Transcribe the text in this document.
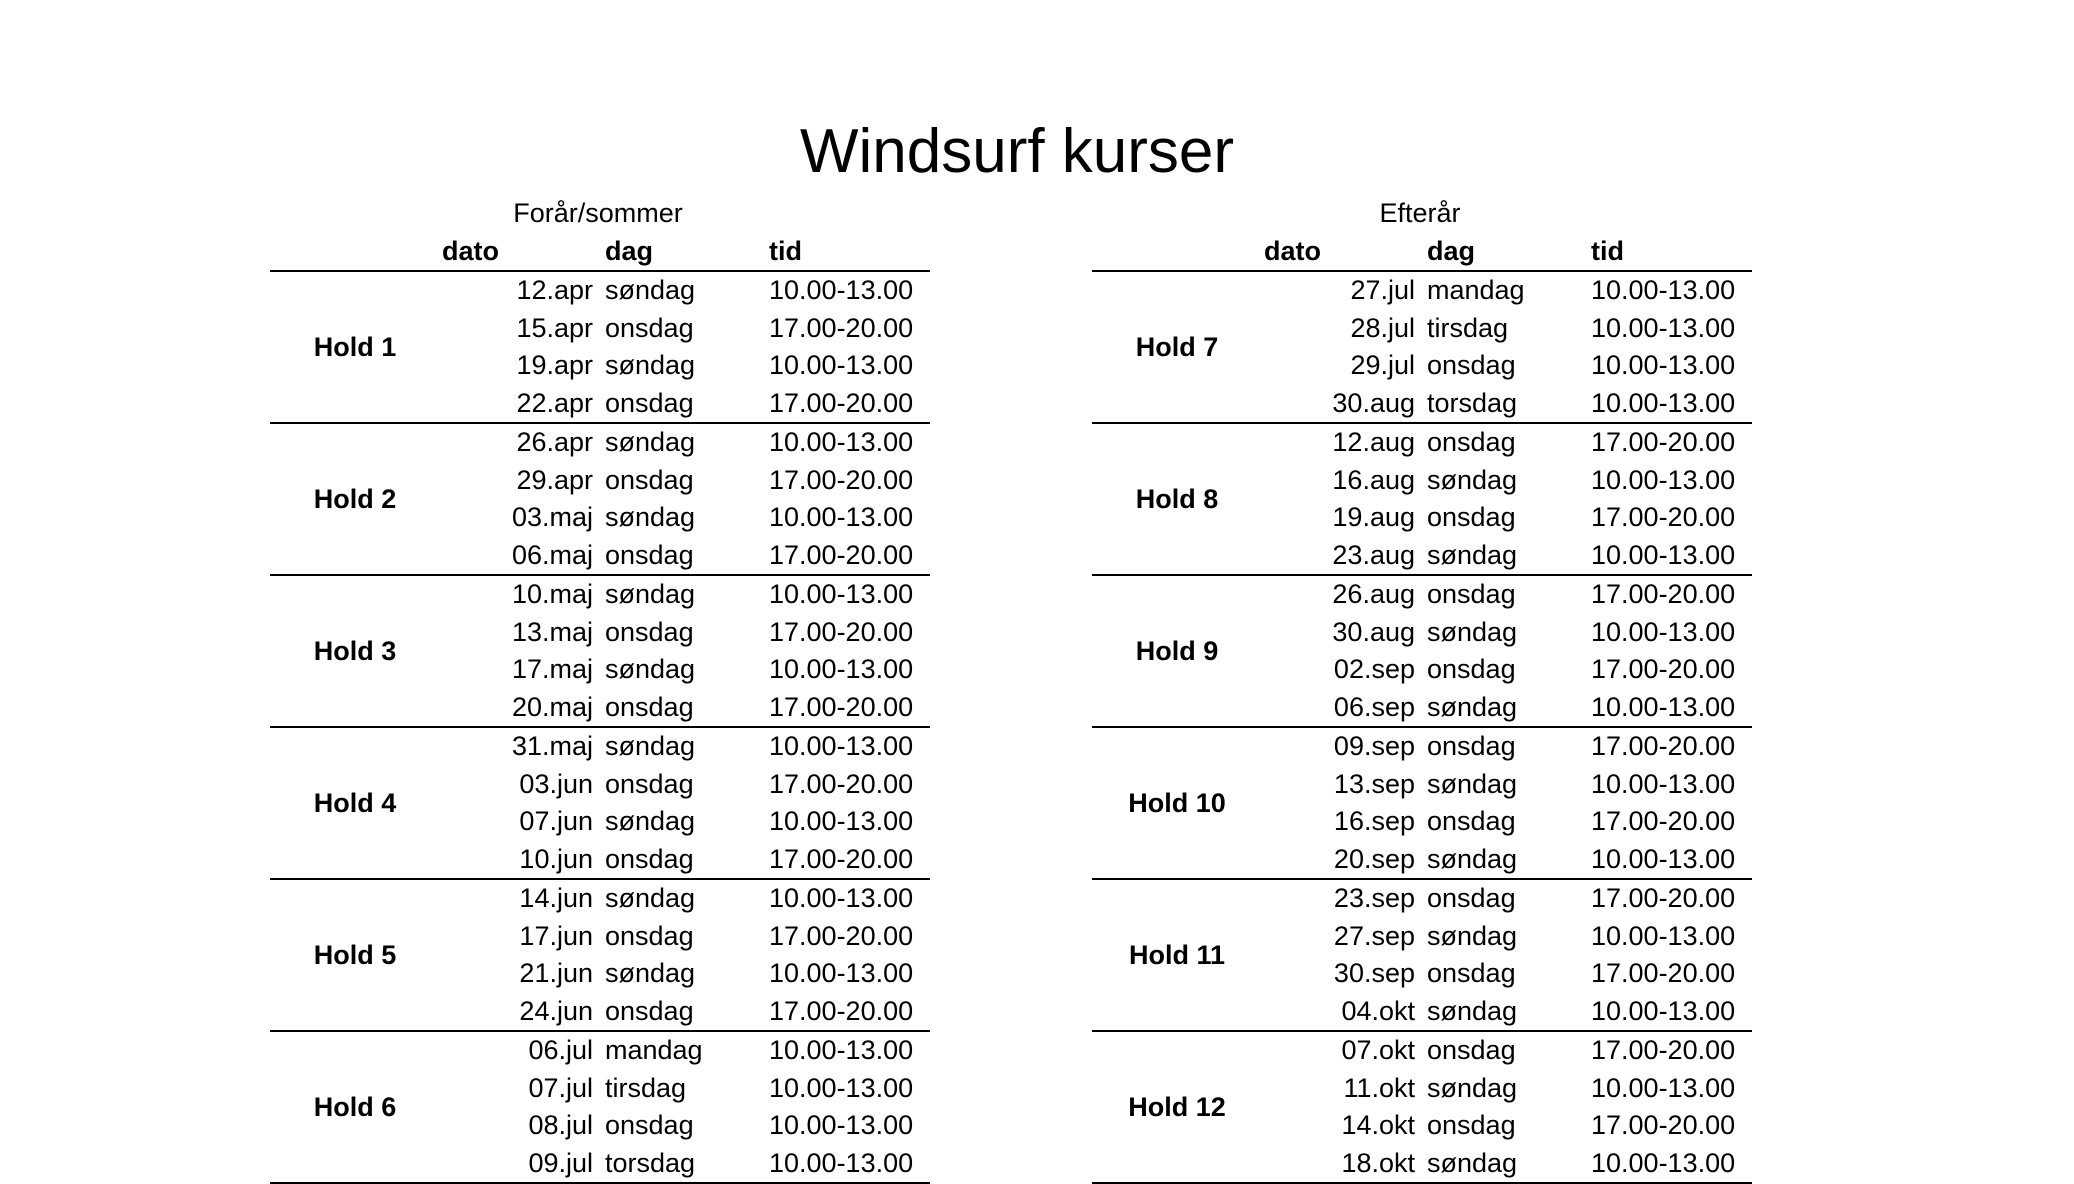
Windsurf kurser
Forår/sommer
dato	dag	tid
Hold 1
12.apr søndag	10.00-13.00
15.apr onsdag	17.00-20.00
19.apr søndag	10.00-13.00
22.apr onsdag	17.00-20.00
Hold 2
26.apr søndag	10.00-13.00
29.apr onsdag	17.00-20.00
03.maj søndag	10.00-13.00
06.maj onsdag	17.00-20.00
Hold 3
10.maj søndag	10.00-13.00
13.maj onsdag	17.00-20.00
17.maj søndag	10.00-13.00
20.maj onsdag	17.00-20.00
Hold 4
31.maj søndag	10.00-13.00
03.jun onsdag	17.00-20.00
07.jun søndag	10.00-13.00
10.jun onsdag	17.00-20.00
Hold 5
14.jun søndag	10.00-13.00
17.jun onsdag	17.00-20.00
21.jun søndag	10.00-13.00
24.jun onsdag	17.00-20.00
Hold 6
06.jul mandag 10.00-13.00
07.jul tirsdag	10.00-13.00
08.jul onsdag	10.00-13.00
09.jul torsdag	10.00-13.00
Efterår
dato	dag	tid
Hold 7
27.jul mandag 10.00-13.00
28.jul tirsdag	10.00-13.00
29.jul onsdag	10.00-13.00
30.aug torsdag	10.00-13.00
Hold 8
12.aug onsdag	17.00-20.00
16.aug søndag	10.00-13.00
19.aug onsdag	17.00-20.00
23.aug søndag	10.00-13.00
Hold 9
26.aug onsdag	17.00-20.00
30.aug søndag	10.00-13.00
02.sep onsdag	17.00-20.00
06.sep søndag	10.00-13.00
Hold 10
09.sep onsdag	17.00-20.00
13.sep søndag	10.00-13.00
16.sep onsdag	17.00-20.00
20.sep søndag	10.00-13.00
Hold 11
23.sep onsdag	17.00-20.00
27.sep søndag	10.00-13.00
30.sep onsdag	17.00-20.00
04.okt søndag	10.00-13.00
Hold 12
07.okt onsdag	17.00-20.00
11.okt søndag	10.00-13.00
14.okt onsdag	17.00-20.00
18.okt søndag	10.00-13.00
